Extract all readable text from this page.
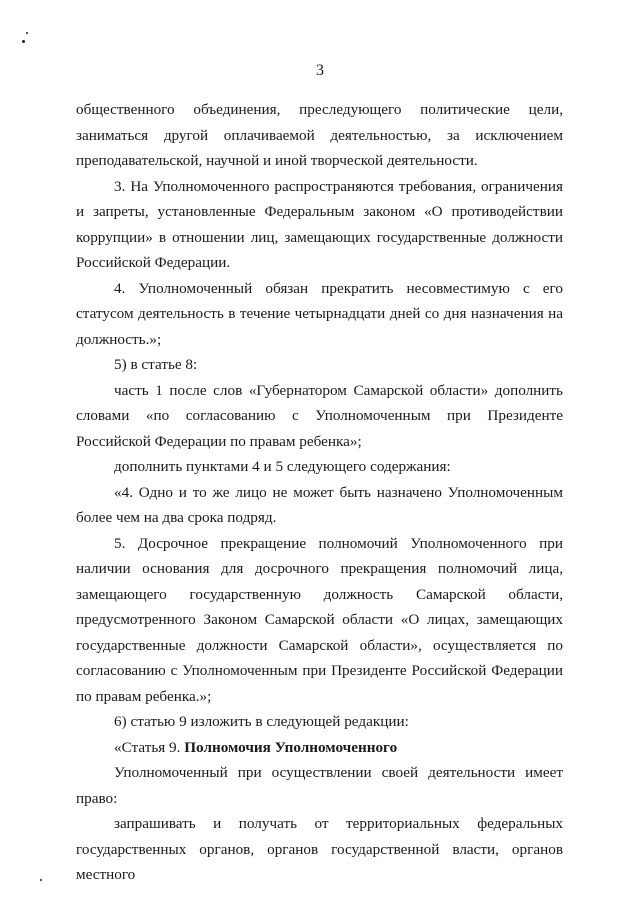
3

общественного объединения, преследующего политические цели, заниматься другой оплачиваемой деятельностью, за исключением преподавательской, научной и иной творческой деятельности.

3. На Уполномоченного распространяются требования, ограничения и запреты, установленные Федеральным законом «О противодействии коррупции» в отношении лиц, замещающих государственные должности Российской Федерации.

4. Уполномоченный обязан прекратить несовместимую с его статусом деятельность в течение четырнадцати дней со дня назначения на должность.»;

5) в статье 8:

часть 1 после слов «Губернатором Самарской области» дополнить словами «по согласованию с Уполномоченным при Президенте Российской Федерации по правам ребенка»;

дополнить пунктами 4 и 5 следующего содержания:

«4. Одно и то же лицо не может быть назначено Уполномоченным более чем на два срока подряд.

5. Досрочное прекращение полномочий Уполномоченного при наличии основания для досрочного прекращения полномочий лица, замещающего государственную должность Самарской области, предусмотренного Законом Самарской области «О лицах, замещающих государственные должности Самарской области», осуществляется по согласованию с Уполномоченным при Президенте Российской Федерации по правам ребенка.»;

6) статью 9 изложить в следующей редакции:

«Статья 9. Полномочия Уполномоченного

Уполномоченный при осуществлении своей деятельности имеет право:

запрашивать и получать от территориальных федеральных

государственных органов, органов государственной власти, органов местного
